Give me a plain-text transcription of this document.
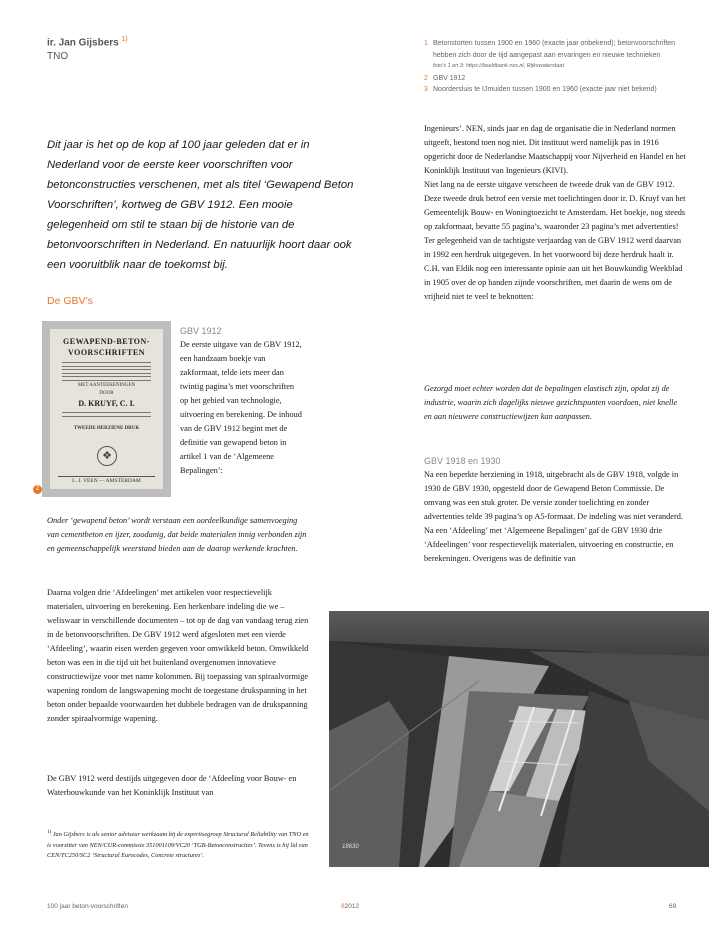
ir. Jan Gijsbers $^{1)}$
TNO
1 Betonstorten tussen 1900 en 1960 (exacte jaar onbekend); betonvoorschriften hebben zich door de tijd aangepast aan ervaringen en nieuwe technieken
foto's 1 en 3: https://beeldbank.rws.nl, Rijkswaterstaat
2 GBV 1912
3 Noordersluis te IJmuiden tussen 1900 en 1960 (exacte jaar niet bekend)
Dit jaar is het op de kop af 100 jaar geleden dat er in Nederland voor de eerste keer voorschriften voor betonconstructies verschenen, met als titel ‘Gewapend Beton Voorschriften’, kortweg de GBV 1912. Een mooie gelegenheid om stil te staan bij de historie van de betonvoorschriften in Nederland. En natuurlijk hoort daar ook een vooruitblik naar de toekomst bij.
De GBV’s
GEWAPEND-BETON-
VOORSCHRIFTEN
MET AANTEEKENINGEN
DOOR
D. KRUYF, C. I.
TWEEDE HERZIENE DRUK
❖
L. J. VEEN — AMSTERDAM
2
GBV 1912

De eerste uitgave van de GBV 1912, een handzaam boekje van zakformaat, telde iets meer dan twintig pagina’s met voorschriften op het gebied van technologie, uitvoering en berekening. De inhoud van de GBV 1912 begint met de definitie van gewapend beton in artikel 1 van de ‘Algemeene Bepalingen’:

Onder ‘gewapend beton’ wordt verstaan een oordeelkundige samenvoeging van cementbeton en ijzer, zoodanig, dat beide materialen innig verbonden zijn en gemeenschappelijk weerstand bieden aan de daarop werkende krachten.
Daarna volgen drie ‘Afdeelingen’ met artikelen voor respectievelijk materialen, uitvoering en berekening. Een herkenbare indeling die we – weliswaar in verschillende documenten – tot op de dag van vandaag terug zien in de betonvoorschriften. De GBV 1912 werd afgesloten met een vierde ‘Afdeeling’, waarin eisen werden gegeven voor omwikkeld beton. Omwikkeld beton was een in die tijd uit het buitenland overgenomen innovatieve constructiewijze voor met name kolommen. Bij toepassing van spiraalvormige wapening rondom de langswapening mocht de toegestane drukspanning in het beton onder bepaalde voorwaarden het dubbele bedragen van de drukspanning zonder spiraalvormige wapening.
De GBV 1912 werd destijds uitgegeven door de ‘Afdeeling voor Bouw- en Waterbouwkunde van het Koninklijk Instituut van
$^{1)}$ Jan Gijsbers is als senior adviseur werkzaam bij de expertisegroep Structural Reliability van TNO en is voorzitter van NEN/CUR-commissie 351001109/VC20 ‘TGB-Betonconstructies’. Tevens is hij lid van CEN/TC250/SC2 ‘Structural Eurocodes, Concrete structures’.

Ingenieurs’. NEN, sinds jaar en dag de organisatie die in Nederland normen uitgeeft, bestond toen nog niet. Dit instituut werd namelijk pas in 1916 opgericht door de Nederlandse Maatschappij voor Nijverheid en Handel en het Koninklijk Instituut van Ingenieurs (KIVI).

Niet lang na de eerste uitgave verscheen de tweede druk van de GBV 1912. Deze tweede druk betrof een versie met toelichtingen door ir. D. Kruyf van het Gemeentelijk Bouw- en Woningtoezicht te Amsterdam. Het boekje, nog steeds op zakformaat, bevatte 55 pagina’s, waaronder 23 pagina’s met advertenties! Ter gelegenheid van de tachtigste verjaardag van de GBV 1912 werd daarvan in 1992 een herdruk uitgegeven. In het voorwoord bij deze herdruk haalt ir. C.H. van Eldik nog een interessante opinie aan uit het Bouwkundig Weekblad in 1905 over de op handen zijnde voorschriften, met daarin de wens om de vrijheid niet te veel te beknotten:

Gezorgd moet echter worden dat de bepalingen elastisch zijn, opdat zij de industrie, waarin zich dagelijks nieuwe gezichtspunten voordoen, niet knelle en aan nieuwere constructiewijzen kan aanpassen.
GBV 1918 en 1930

Na een beperkte herziening in 1918, uitgebracht als de GBV 1918, volgde in 1930 de GBV 1930, opgesteld door de Gewapend Beton Commissie. De omvang was een stuk groter. De versie zonder toelichting en zonder advertenties telde 39 pagina’s op A5-formaat. De indeling was niet veranderd. Na een ‘Afdeeling’ met ‘Algemeene Bepalingen’ gaf de GBV 1930 drie ‘Afdeelingen’ voor respectievelijk materialen, uitvoering en constructie, en berekeningen. Overigens was de definitie van

18630
100 jaar beton-voorschriften	82012	69
